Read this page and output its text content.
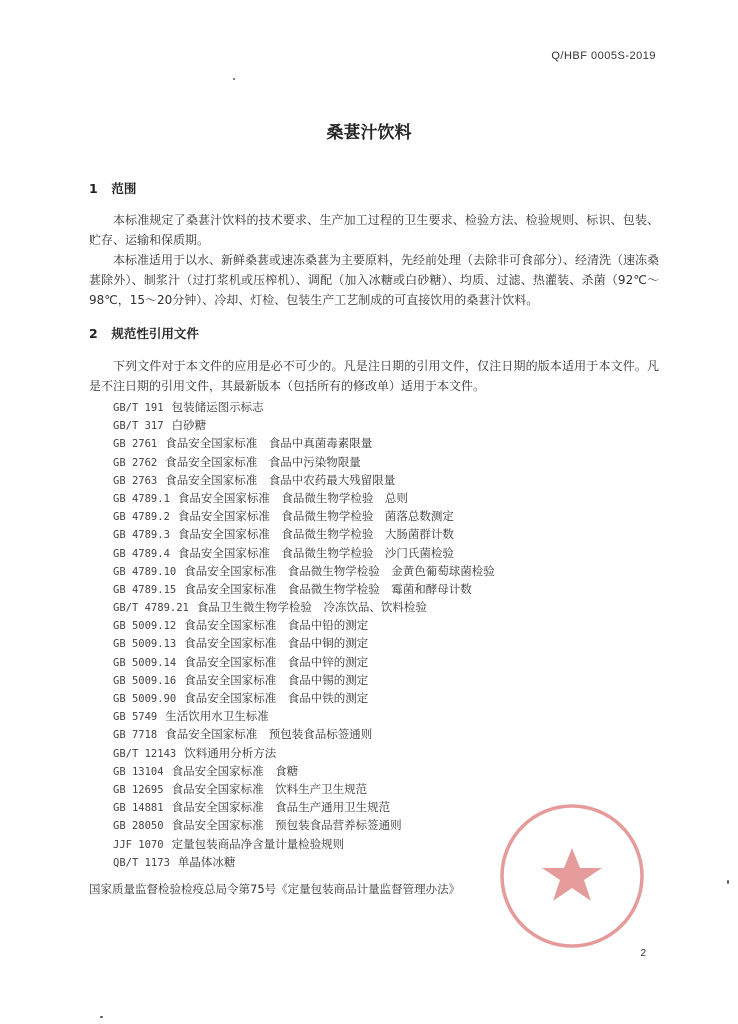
Q/HBF 0005S-2019
桑葚汁饮料
1 范围
本标准规定了桑葚汁饮料的技术要求、生产加工过程的卫生要求、检验方法、检验规则、标识、包装、贮存、运输和保质期。
本标准适用于以水、新鲜桑葚或速冻桑葚为主要原料，先经前处理（去除非可食部分）、经清洗（速冻桑葚除外）、制浆汁（过打浆机或压榨机）、调配（加入冰糖或白砂糖）、均质、过滤、热灌装、杀菌（92℃～98℃，15～20分钟）、冷却、灯检、包装生产工艺制成的可直接饮用的桑葚汁饮料。
2 规范性引用文件
下列文件对于本文件的应用是必不可少的。凡是注日期的引用文件，仅注日期的版本适用于本文件。凡是不注日期的引用文件，其最新版本（包括所有的修改单）适用于本文件。
GB/T 191 包装储运图示标志
GB/T 317 白砂糖
GB 2761 食品安全国家标准　食品中真菌毒素限量
GB 2762 食品安全国家标准　食品中污染物限量
GB 2763 食品安全国家标准　食品中农药最大残留限量
GB 4789.1 食品安全国家标准　食品微生物学检验　总则
GB 4789.2 食品安全国家标准　食品微生物学检验　菌落总数测定
GB 4789.3 食品安全国家标准　食品微生物学检验　大肠菌群计数
GB 4789.4 食品安全国家标准　食品微生物学检验　沙门氏菌检验
GB 4789.10 食品安全国家标准　食品微生物学检验　金黄色葡萄球菌检验
GB 4789.15 食品安全国家标准　食品微生物学检验　霉菌和酵母计数
GB/T 4789.21 食品卫生微生物学检验　冷冻饮品、饮料检验
GB 5009.12 食品安全国家标准　食品中铅的测定
GB 5009.13 食品安全国家标准　食品中铜的测定
GB 5009.14 食品安全国家标准　食品中锌的测定
GB 5009.16 食品安全国家标准　食品中锡的测定
GB 5009.90 食品安全国家标准　食品中铁的测定
GB 5749 生活饮用水卫生标准
GB 7718 食品安全国家标准　预包装食品标签通则
GB/T 12143 饮料通用分析方法
GB 13104 食品安全国家标准　食糖
GB 12695 食品安全国家标准　饮料生产卫生规范
GB 14881 食品安全国家标准　食品生产通用卫生规范
GB 28050 食品安全国家标准　预包装食品营养标签通则
JJF 1070 定量包装商品净含量计量检验规则
QB/T 1173 单晶体冰糖
国家质量监督检验检疫总局令第75号《定量包装商品计量监督管理办法》
2
